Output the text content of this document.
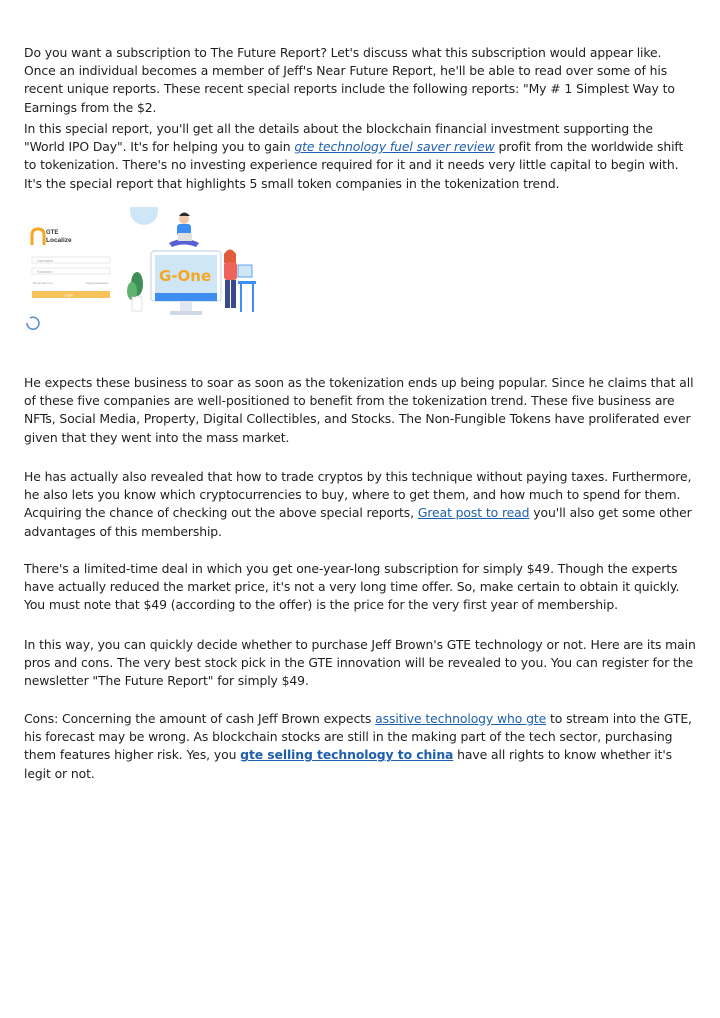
Do you want a subscription to The Future Report? Let's discuss what this subscription would appear like. Once an individual becomes a member of Jeff's Near Future Report, he'll be able to read over some of his recent unique reports. These recent special reports include the following reports: "My # 1 Simplest Way to Earnings from the $2.

In this special report, you'll get all the details about the blockchain financial investment supporting the "World IPO Day". It's for helping you to gain gte technology fuel saver review profit from the worldwide shift to tokenization. There's no investing experience required for it and it needs very little capital to begin with. It's the special report that highlights 5 small token companies in the tokenization trend.

GTE
Localize
Username
Password
Remember me	Forgot password
Login
G-One

He expects these business to soar as soon as the tokenization ends up being popular. Since he claims that all of these five companies are well-positioned to benefit from the tokenization trend. These five business are NFTs, Social Media, Property, Digital Collectibles, and Stocks. The Non-Fungible Tokens have proliferated ever given that they went into the mass market.

He has actually also revealed that how to trade cryptos by this technique without paying taxes. Furthermore, he also lets you know which cryptocurrencies to buy, where to get them, and how much to spend for them. Acquiring the chance of checking out the above special reports, Great post to read you'll also get some other advantages of this membership.

There's a limited-time deal in which you get one-year-long subscription for simply $49. Though the experts have actually reduced the market price, it's not a very long time offer. So, make certain to obtain it quickly. You must note that $49 (according to the offer) is the price for the very first year of membership.

In this way, you can quickly decide whether to purchase Jeff Brown's GTE technology or not. Here are its main pros and cons. The very best stock pick in the GTE innovation will be revealed to you. You can register for the newsletter "The Future Report" for simply $49.

Cons: Concerning the amount of cash Jeff Brown expects assitive technology who gte to stream into the GTE, his forecast may be wrong. As blockchain stocks are still in the making part of the tech sector, purchasing them features higher risk. Yes, you gte selling technology to china have all rights to know whether it's legit or not.
